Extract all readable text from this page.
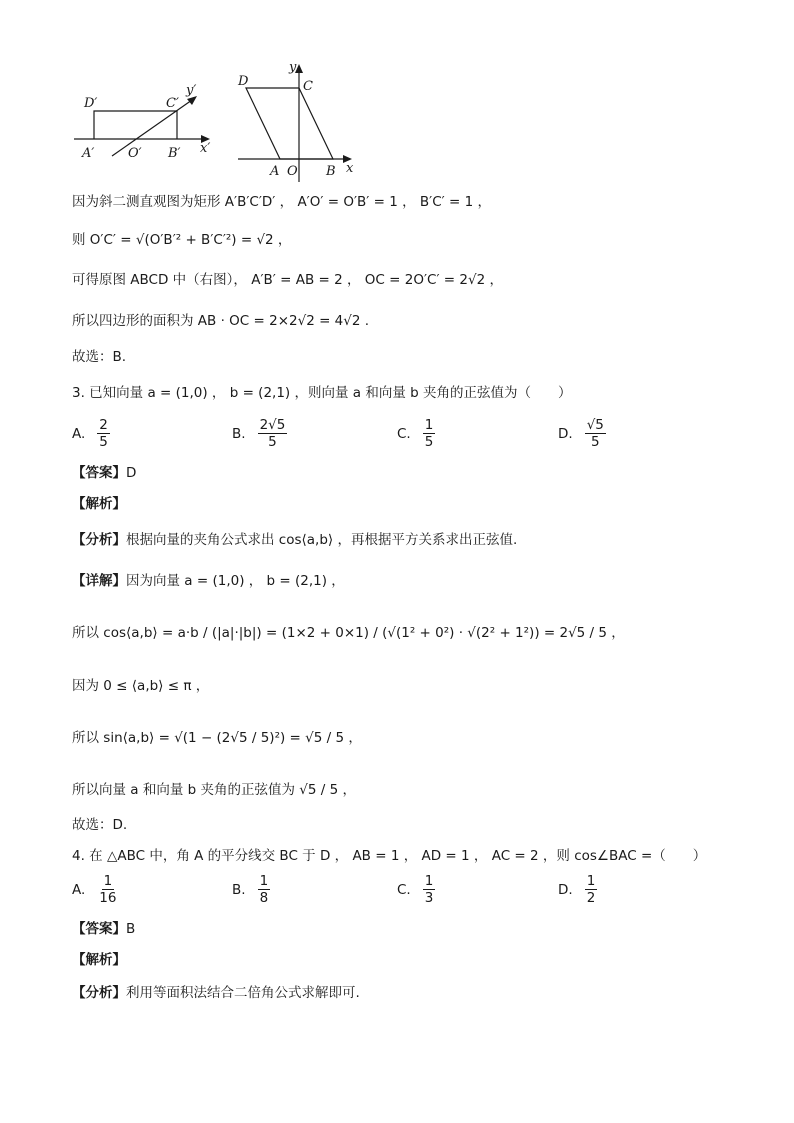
D′	C′
y′
A′	O′ B′ x′
y
D	C
A O B x
因为斜二测直观图为矩形 A′B′C′D′ ， A′O′ = O′B′ = 1 ， B′C′ = 1 ，
则 O′C′ = √(O′B′² + B′C′²) = √2 ，
可得原图 ABCD 中（右图）， A′B′ = AB = 2 ， OC = 2O′C′ = 2√2 ，
所以四边形的面积为 AB · OC = 2×2√2 = 4√2 .
故选：B.
3. 已知向量 a = (1,0) ， b = (2,1) ，则向量 a 和向量 b 夹角的正弦值为（　　）
A. $\frac{2}{5}$	B. $\frac{2√5}{5}$	C. $\frac{1}{5}$	D. $\frac{√5}{5}$
【答案】D
【解析】
【分析】根据向量的夹角公式求出 cos⟨a,b⟩ ，再根据平方关系求出正弦值.
【详解】因为向量 a = (1,0) ， b = (2,1) ，
所以 cos⟨a,b⟩ = a·b / (|a|·|b|) = (1×2 + 0×1) / (√(1² + 0²) · √(2² + 1²)) = 2√5 / 5 ，
因为 0 ≤ ⟨a,b⟩ ≤ π ，
所以 sin⟨a,b⟩ = √(1 − (2√5 / 5)²) = √5 / 5 ，
所以向量 a 和向量 b 夹角的正弦值为 √5 / 5 ，
故选：D.
4. 在 △ABC 中，角 A 的平分线交 BC 于 D ， AB = 1 ， AD = 1 ， AC = 2 ，则 cos∠BAC =（　　）
A. $\frac{1}{16}$	B. $\frac{1}{8}$	C. $\frac{1}{3}$	D. $\frac{1}{2}$
【答案】B
【解析】
【分析】利用等面积法结合二倍角公式求解即可.
